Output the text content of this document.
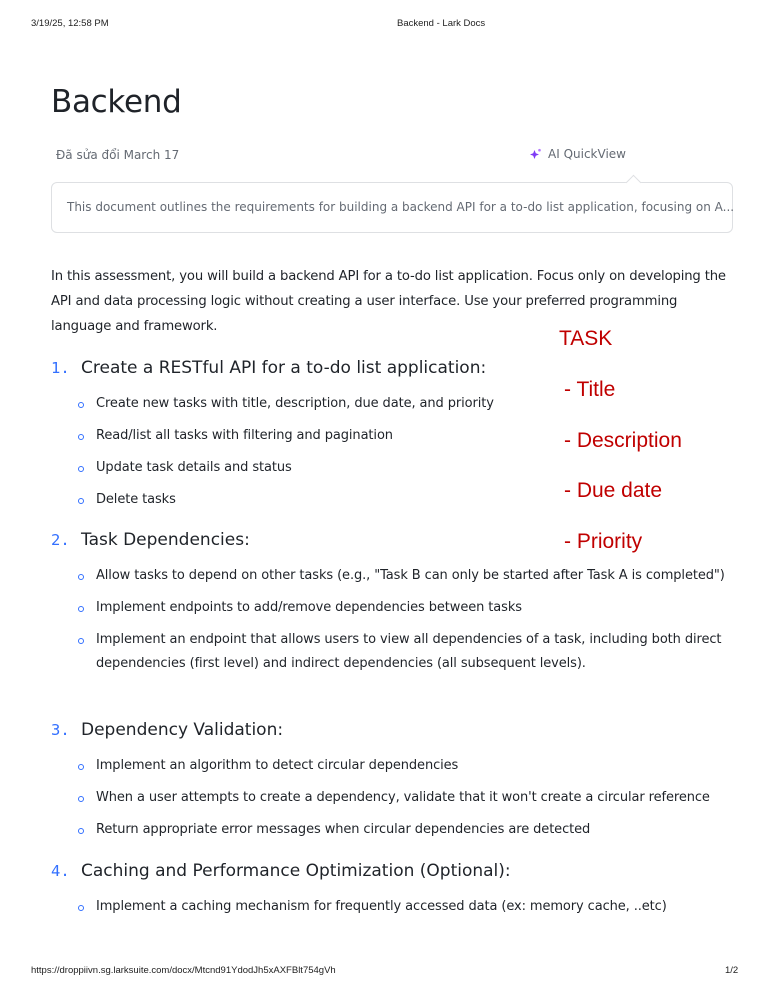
3/19/25, 12:58 PM	Backend - Lark Docs
Backend
Đã sửa đổi March 17	AI QuickView
This document outlines the requirements for building a backend API for a to-do list application, focusing on A...
In this assessment, you will build a backend API for a to-do list application. Focus only on developing the API and data processing logic without creating a user interface. Use your preferred programming language and framework.
1. Create a RESTful API for a to-do list application:
Create new tasks with title, description, due date, and priority
Read/list all tasks with filtering and pagination
Update task details and status
Delete tasks
2. Task Dependencies:
Allow tasks to depend on other tasks (e.g., "Task B can only be started after Task A is completed")
Implement endpoints to add/remove dependencies between tasks
Implement an endpoint that allows users to view all dependencies of a task, including both direct dependencies (first level) and indirect dependencies (all subsequent levels).
3. Dependency Validation:
Implement an algorithm to detect circular dependencies
When a user attempts to create a dependency, validate that it won't create a circular reference
Return appropriate error messages when circular dependencies are detected
4. Caching and Performance Optimization (Optional):
Implement a caching mechanism for frequently accessed data (ex: memory cache, ..etc)
TASK
- Title
- Description
- Due date
- Priority
https://droppiivn.sg.larksuite.com/docx/Mtcnd91YdodJh5xAXFBlt754gVh	1/2
